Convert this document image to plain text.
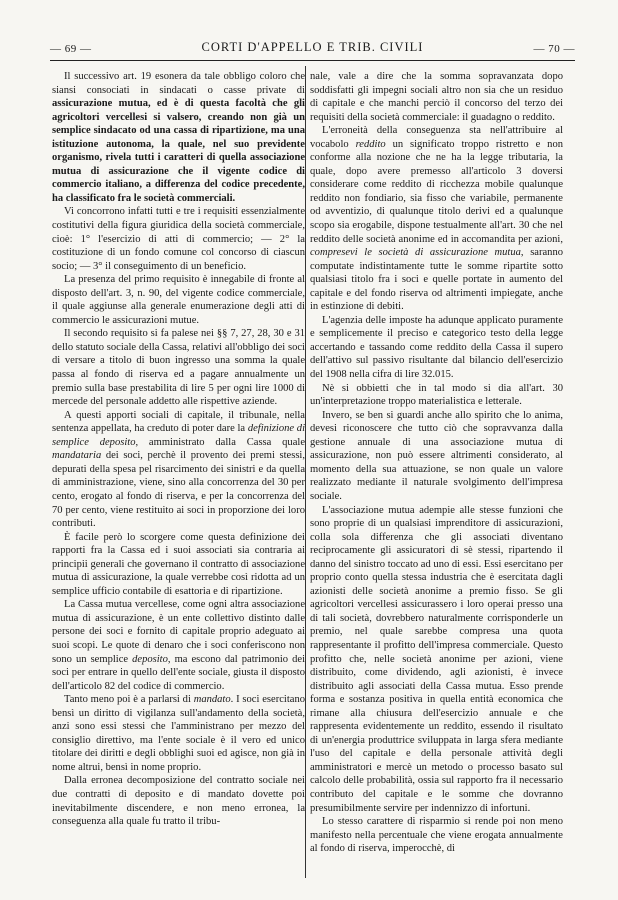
— 69 —	CORTI D'APPELLO E TRIB. CIVILI	— 70 —

Il successivo art. 19 esonera da tale obbligo coloro che siansi consociati in sindacati o casse private di assicurazione mutua, ed è di questa facoltà che gli agricoltori vercellesi si valsero, creando non già un semplice sindacato od una cassa di ripartizione, ma una istituzione autonoma, la quale, nel suo previdente organismo, rivela tutti i caratteri di quella associazione mutua di assicurazione che il vigente codice di commercio italiano, a differenza del codice precedente, ha classificato fra le società commerciali.

Vi concorrono infatti tutti e tre i requisiti essenzialmente costitutivi della figura giuridica della società commerciale, cioè: 1° l'esercizio di atti di commercio; — 2° la costituzione di un fondo comune col concorso di ciascun socio; — 3° il conseguimento di un beneficio.

La presenza del primo requisito è innegabile di fronte al disposto dell'art. 3, n. 90, del vigente codice commerciale, il quale aggiunse alla generale enumerazione degli atti di commercio le assicurazioni mutue.

Il secondo requisito si fa palese nei §§ 7, 27, 28, 30 e 31 dello statuto sociale della Cassa, relativi all'obbligo dei soci di versare a titolo di buon ingresso una somma la quale passa al fondo di riserva ed a pagare annualmente un premio sulla base prestabilita di lire 5 per ogni lire 1000 di mercede del personale addetto alle rispettive aziende.

A questi apporti sociali di capitale, il tribunale, nella sentenza appellata, ha creduto di poter dare la definizione di semplice deposito, amministrato dalla Cassa quale mandataria dei soci, perchè il provento dei premi stessi, depurati della spesa pel risarcimento dei sinistri e da quella di amministrazione, viene, sino alla concorrenza del 30 per cento, erogato al fondo di riserva, e per la concorrenza del 70 per cento, viene restituito ai soci in proporzione dei loro contributi.

È facile però lo scorgere come questa definizione dei rapporti fra la Cassa ed i suoi associati sia contraria ai principii generali che governano il contratto di associazione mutua di assicurazione, la quale verrebbe così ridotta ad un semplice ufficio contabile di esattoria e di ripartizione.

La Cassa mutua vercellese, come ogni altra associazione mutua di assicurazione, è un ente collettivo distinto dalle persone dei soci e fornito di capitale proprio adeguato ai suoi scopi. Le quote di denaro che i soci conferiscono non sono un semplice deposito, ma escono dal patrimonio dei soci per entrare in quello dell'ente sociale, giusta il disposto dell'articolo 82 del codice di commercio.

Tanto meno poi è a parlarsi di mandato. I soci esercitano bensì un diritto di vigilanza sull'andamento della società, anzi sono essi stessi che l'amministrano per mezzo del consiglio direttivo, ma l'ente sociale è il vero ed unico titolare dei diritti e degli obblighi suoi ed agisce, non già in nome altrui, bensì in nome proprio.

Dalla erronea decomposizione del contratto sociale nei due contratti di deposito e di mandato dovette poi inevitabilmente discendere, e non meno erronea, la conseguenza alla quale fu tratto il tribu-

nale, vale a dire che la somma sopravanzata dopo soddisfatti gli impegni sociali altro non sia che un residuo di capitale e che manchi perciò il concorso del terzo dei requisiti della società commerciale: il guadagno o reddito.

L'erroneità della conseguenza sta nell'attribuire al vocabolo reddito un significato troppo ristretto e non conforme alla nozione che ne ha la legge tributaria, la quale, dopo avere premesso all'articolo 3 doversi considerare come reddito di ricchezza mobile qualunque reddito non fondiario, sia fisso che variabile, permanente od avventizio, di qualunque titolo derivi ed a qualunque scopo sia erogabile, dispone testualmente all'art. 30 che nel reddito delle società anonime ed in accomandita per azioni, compresevi le società di assicurazione mutua, saranno computate indistintamente tutte le somme ripartite sotto qualsiasi titolo fra i soci e quelle portate in aumento del capitale e del fondo riserva od altrimenti impiegate, anche in estinzione di debiti.

L'agenzia delle imposte ha adunque applicato puramente e semplicemente il preciso e categorico testo della legge accertando e tassando come reddito della Cassa il supero dell'attivo sul passivo risultante dal bilancio dell'esercizio del 1908 nella cifra di lire 32.015.

Nè si obbietti che in tal modo si dia all'art. 30 un'interpretazione troppo materialistica e letterale.

Invero, se ben si guardi anche allo spirito che lo anima, devesi riconoscere che tutto ciò che sopravvanza dalla gestione annuale di una associazione mutua di assicurazione, non può essere altrimenti considerato, al momento della sua attuazione, se non quale un valore realizzato mediante il naturale svolgimento dell'impresa sociale.

L'associazione mutua adempie alle stesse funzioni che sono proprie di un qualsiasi imprenditore di assicurazioni, colla sola differenza che gli associati diventano reciprocamente gli assicuratori di sè stessi, ripartendo il danno del sinistro toccato ad uno di essi. Essi esercitano per proprio conto quella stessa industria che è esercitata dagli azionisti delle società anonime a premio fisso. Se gli agricoltori vercellesi assicurassero i loro operai presso una di tali società, dovrebbero naturalmente corrisponderle un premio, nel quale sarebbe compresa una quota rappresentante il profitto dell'impresa commerciale. Questo profitto che, nelle società anonime per azioni, viene distribuito, come dividendo, agli azionisti, è invece distribuito agli associati della Cassa mutua. Esso prende forma e sostanza positiva in quella entità economica che rimane alla chiusura dell'esercizio annuale e che rappresenta evidentemente un reddito, essendo il risultato di un'energia produttrice sviluppata in larga sfera mediante l'uso del capitale e della personale attività degli amministratori e mercè un metodo o processo basato sul calcolo delle probabilità, ossia sul rapporto fra il necessario contributo del capitale e le somme che dovranno presumibilmente servire per indennizzo di infortuni.

Lo stesso carattere di risparmio si rende poi non meno manifesto nella percentuale che viene erogata annualmente al fondo di riserva, imperocchè, di
